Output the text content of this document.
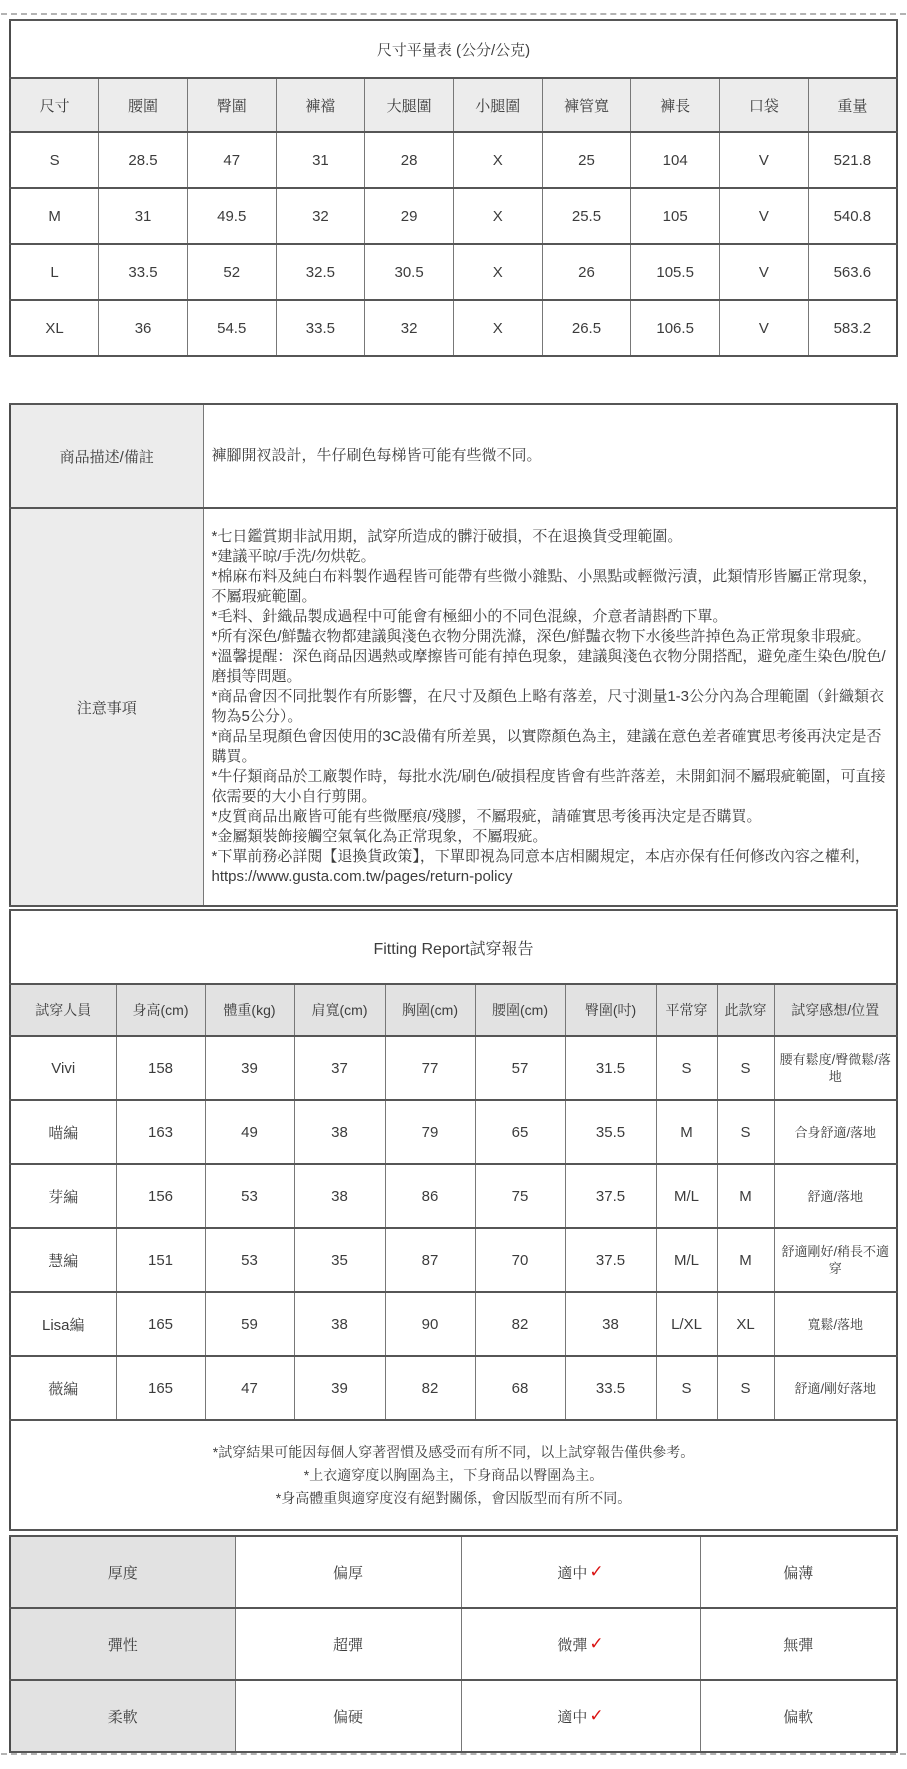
尺寸平量表 (公分/公克)									
尺寸	腰圍	臀圍	褲襠	大腿圍	小腿圍	褲管寬	褲長	口袋	重量
S	28.5	47	31	28	X	25	104	V	521.8
M	31	49.5	32	29	X	25.5	105	V	540.8
L	33.5	52	32.5	30.5	X	26	105.5	V	563.6
XL	36	54.5	33.5	32	X	26.5	106.5	V	583.2
商品描述/備註	褲腳開衩設計，牛仔刷色每梯皆可能有些微不同。

注意事項	
*七日鑑賞期非試用期，試穿所造成的髒汙破損，不在退換貨受理範圍。
*建議平晾/手洗/勿烘乾。
*棉麻布料及純白布料製作過程皆可能帶有些微小雜點、小黑點或輕微污漬，此類情形皆屬正常現象，不屬瑕疵範圍。
*毛料、針織品製成過程中可能會有極細小的不同色混線，介意者請斟酌下單。
*所有深色/鮮豔衣物都建議與淺色衣物分開洗滌，深色/鮮豔衣物下水後些許掉色為正常現象非瑕疵。
*溫馨提醒：深色商品因遇熱或摩擦皆可能有掉色現象，建議與淺色衣物分開搭配，避免產生染色/脫色/磨損等問題。
*商品會因不同批製作有所影響，在尺寸及顏色上略有落差，尺寸測量1-3公分內為合理範圍（針織類衣物為5公分）。
*商品呈現顏色會因使用的3C設備有所差異，以實際顏色為主，建議在意色差者確實思考後再決定是否購買。
*牛仔類商品於工廠製作時，每批水洗/刷色/破損程度皆會有些許落差，未開釦洞不屬瑕疵範圍，可直接依需要的大小自行剪開。
*皮質商品出廠皆可能有些微壓痕/殘膠，不屬瑕疵，請確實思考後再決定是否購買。
*金屬類裝飾接觸空氣氧化為正常現象，不屬瑕疵。
*下單前務必詳閱【退換貨政策】，下單即視為同意本店相關規定，本店亦保有任何修改內容之權利，
https://www.gusta.com.tw/pages/return-policy
Fitting Report試穿報告									
試穿人員	身高(cm)	體重(kg)	肩寬(cm)	胸圍(cm)	腰圍(cm)	臀圍(吋)	平常穿	此款穿	試穿感想/位置
Vivi	158	39	37	77	57	31.5	S	S	腰有鬆度/臀微鬆/落地
喵編	163	49	38	79	65	35.5	M	S	合身舒適/落地
芽編	156	53	38	86	75	37.5	M/L	M	舒適/落地
慧編	151	53	35	87	70	37.5	M/L	M	舒適剛好/稍長不適穿
Lisa編	165	59	38	90	82	38	L/XL	XL	寬鬆/落地
薇編	165	47	39	82	68	33.5	S	S	舒適/剛好落地

*試穿結果可能因每個人穿著習慣及感受而有所不同，以上試穿報告僅供參考。
*上衣適穿度以胸圍為主，下身商品以臀圍為主。
*身高體重與適穿度沒有絕對關係，會因版型而有所不同。									
厚度	偏厚	適中 ✓	偏薄
彈性	超彈	微彈 ✓	無彈
柔軟	偏硬	適中 ✓	偏軟
